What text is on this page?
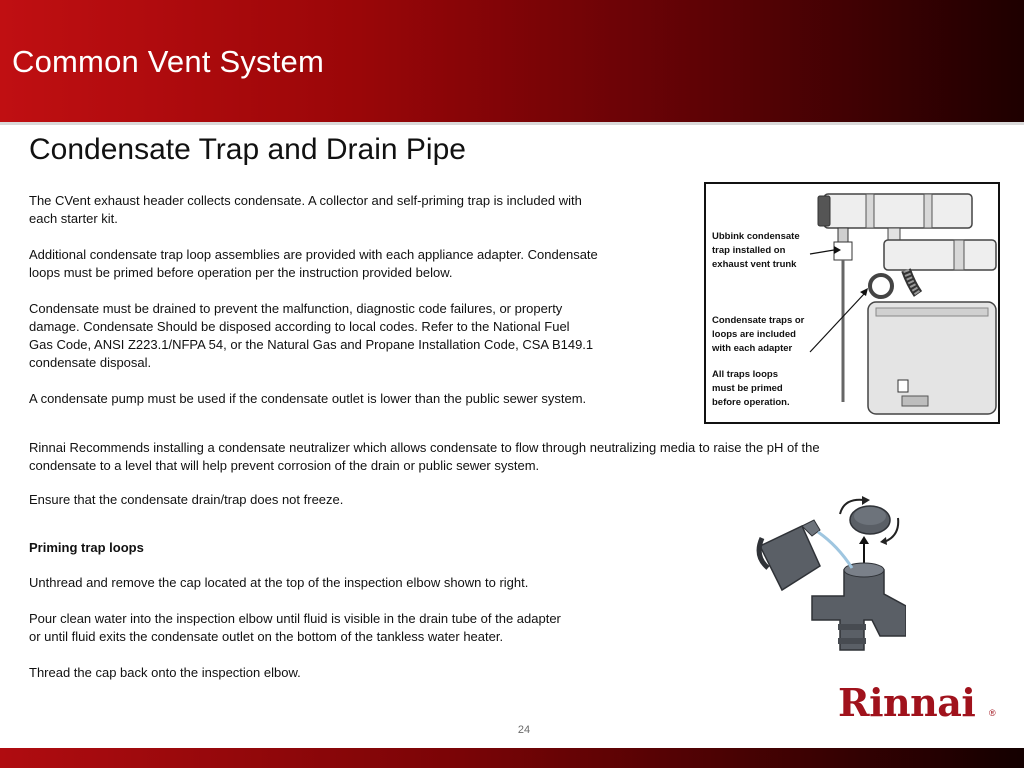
Common Vent System
Condensate Trap and Drain Pipe

The CVent exhaust header collects condensate. A collector and self-priming trap is included with
each starter kit.

Additional condensate trap loop assemblies are provided with each appliance adapter. Condensate
loops must be primed before operation per the instruction provided below.

Condensate must be drained to prevent the malfunction, diagnostic code failures, or property
damage. Condensate Should be disposed according to local codes. Refer to the National Fuel
Gas Code, ANSI Z223.1/NFPA 54, or the Natural Gas and Propane Installation Code, CSA B149.1
condensate disposal.

A condensate pump must be used if the condensate outlet is lower than the public sewer system.

Rinnai Recommends installing a condensate neutralizer which allows condensate to flow through neutralizing media to raise the pH of the
condensate to a level that will help prevent corrosion of the drain or public sewer system.

Ensure that the condensate drain/trap does not freeze.

Priming trap loops

Unthread and remove the cap located at the top of the inspection elbow shown to right.

Pour clean water into the inspection elbow until fluid is visible in the drain tube of the adapter
or until fluid exits the condensate outlet on the bottom of the tankless water heater.

Thread the cap back onto the inspection elbow.

Ubbink condensate
trap installed on
exhaust vent trunk

Condensate traps or
loops are included
with each adapter

All traps loops
must be primed
before operation.

Rinnai ®
24
